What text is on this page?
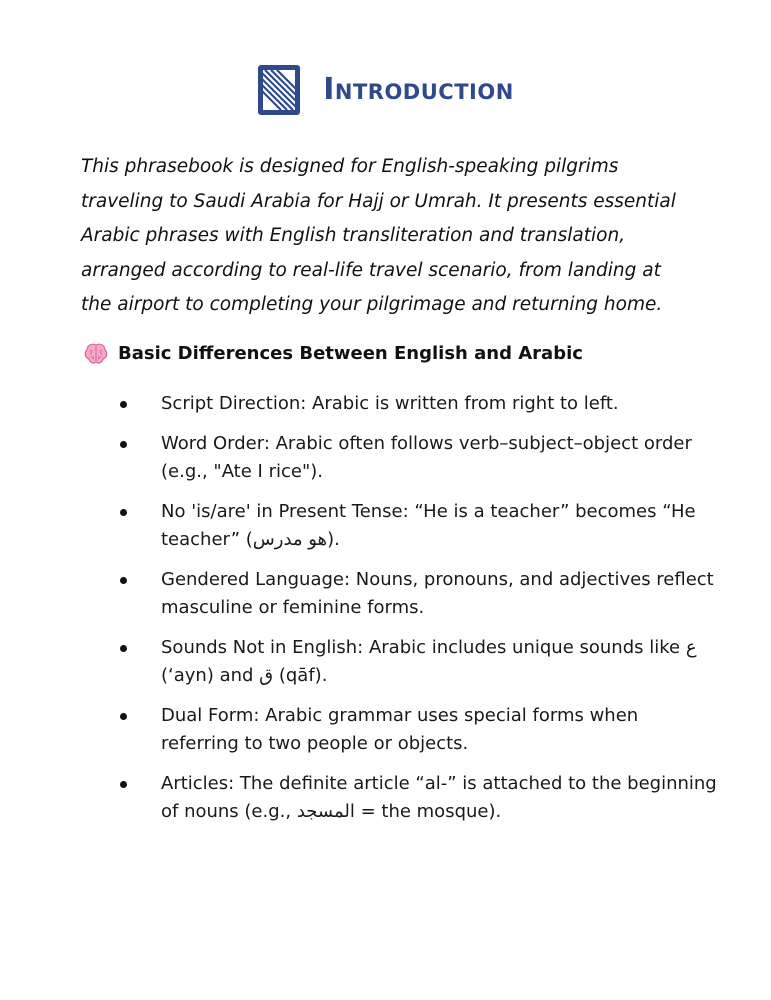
Introduction

This phrasebook is designed for English-speaking pilgrims
traveling to Saudi Arabia for Hajj or Umrah. It presents essential
Arabic phrases with English transliteration and translation,
arranged according to real-life travel scenario, from landing at
the airport to completing your pilgrimage and returning home.

Basic Differences Between English and Arabic
Script Direction: Arabic is written from right to left.
Word Order: Arabic often follows verb–subject–object order (e.g., "Ate I rice").
No 'is/are' in Present Tense: “He is a teacher” becomes “He teacher” (هو مدرس).
Gendered Language: Nouns, pronouns, and adjectives reflect masculine or feminine forms.
Sounds Not in English: Arabic includes unique sounds like ع (‘ayn) and ق (qāf).
Dual Form: Arabic grammar uses special forms when referring to two people or objects.
Articles: The definite article “al-” is attached to the beginning of nouns (e.g., المسجد = the mosque).
